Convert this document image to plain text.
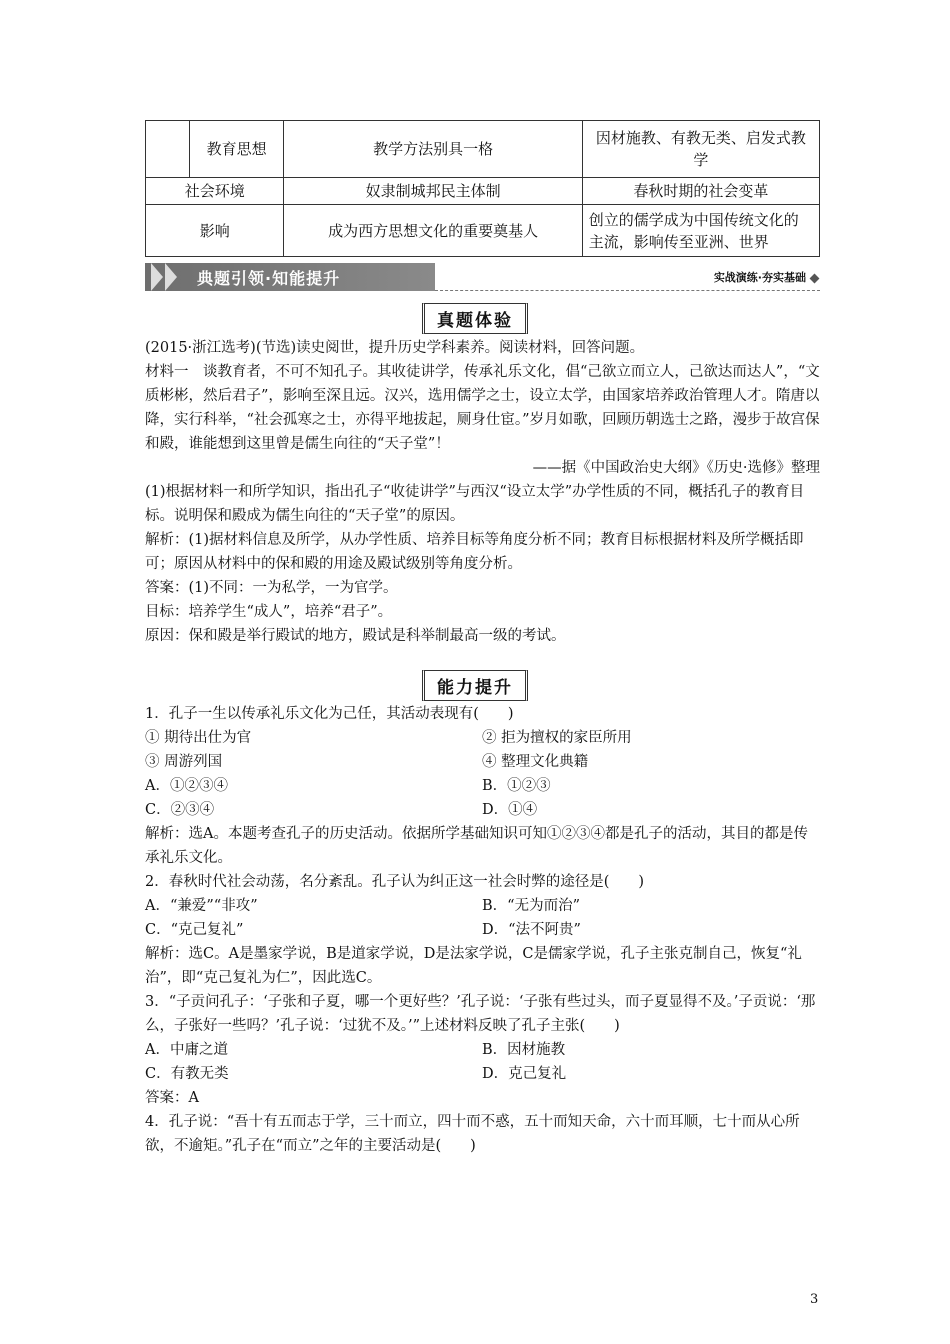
	教育思想	教学方法别具一格	因材施教、有教无类、启发式教学
社会环境		奴隶制城邦民主体制	春秋时期的社会变革
影响		成为西方思想文化的重要奠基人	创立的儒学成为中国传统文化的主流，影响传至亚洲、世界
典题引领·知能提升	实战演练·夯实基础
真题体验

(2015·浙江选考)(节选)读史阅世，提升历史学科素养。阅读材料，回答问题。

材料一　谈教育者，不可不知孔子。其收徒讲学，传承礼乐文化，倡“己欲立而立人，己欲达而达人”，“文质彬彬，然后君子”，影响至深且远。汉兴，选用儒学之士，设立太学，由国家培养政治管理人才。隋唐以降，实行科举，“社会孤寒之士，亦得平地拔起，厕身仕宦。”岁月如歌，回顾历朝选士之路，漫步于故宫保和殿，谁能想到这里曾是儒生向往的“天子堂”！

——据《中国政治史大纲》《历史·选修》整理

(1)根据材料一和所学知识，指出孔子“收徒讲学”与西汉“设立太学”办学性质的不同，概括孔子的教育目标。说明保和殿成为儒生向往的“天子堂”的原因。

解析：(1)据材料信息及所学，从办学性质、培养目标等角度分析不同；教育目标根据材料及所学概括即可；原因从材料中的保和殿的用途及殿试级别等角度分析。

答案：(1)不同：一为私学，一为官学。

目标：培养学生“成人”，培养“君子”。

原因：保和殿是举行殿试的地方，殿试是科举制最高一级的考试。

能力提升

1．孔子一生以传承礼乐文化为己任，其活动表现有(　　)

① 期待出仕为官	② 拒为擅权的家臣所用
③ 周游列国	④ 整理文化典籍
A．①②③④	B．①②③
C．②③④	D．①④

解析：选A。本题考查孔子的历史活动。依据所学基础知识可知①②③④都是孔子的活动，其目的都是传承礼乐文化。

2．春秋时代社会动荡，名分紊乱。孔子认为纠正这一社会时弊的途径是(　　)

A．“兼爱”“非攻”	B．“无为而治”
C．“克己复礼”	D．“法不阿贵”

解析：选C。A是墨家学说，B是道家学说，D是法家学说，C是儒家学说，孔子主张克制自己，恢复“礼治”，即“克己复礼为仁”，因此选C。

3．“子贡问孔子：‘子张和子夏，哪一个更好些？’孔子说：‘子张有些过头，而子夏显得不及。’子贡说：‘那么，子张好一些吗？’孔子说：‘过犹不及。’”上述材料反映了孔子主张(　　)

A．中庸之道	B．因材施教
C．有教无类	D．克己复礼

答案：A

4．孔子说：“吾十有五而志于学，三十而立，四十而不惑，五十而知天命，六十而耳顺，七十而从心所欲，不逾矩。”孔子在“而立”之年的主要活动是(　　)

3
